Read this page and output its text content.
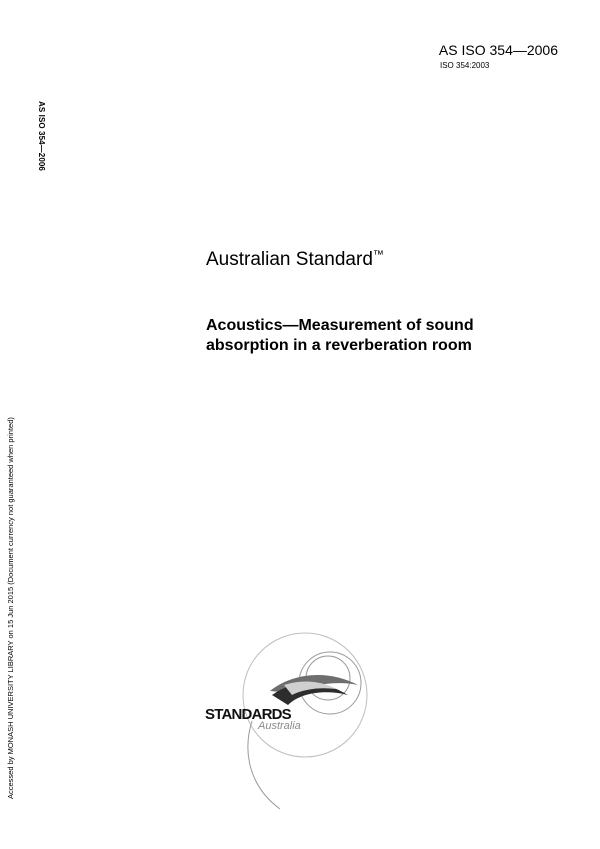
AS ISO 354—2006
ISO 354:2003
AS ISO 354—2006
Accessed by MONASH UNIVERSITY LIBRARY on 15 Jun 2015 (Document currency not guaranteed when printed)
Australian Standard™
Acoustics—Measurement of sound
absorption in a reverberation room
STANDARDS
Australia
